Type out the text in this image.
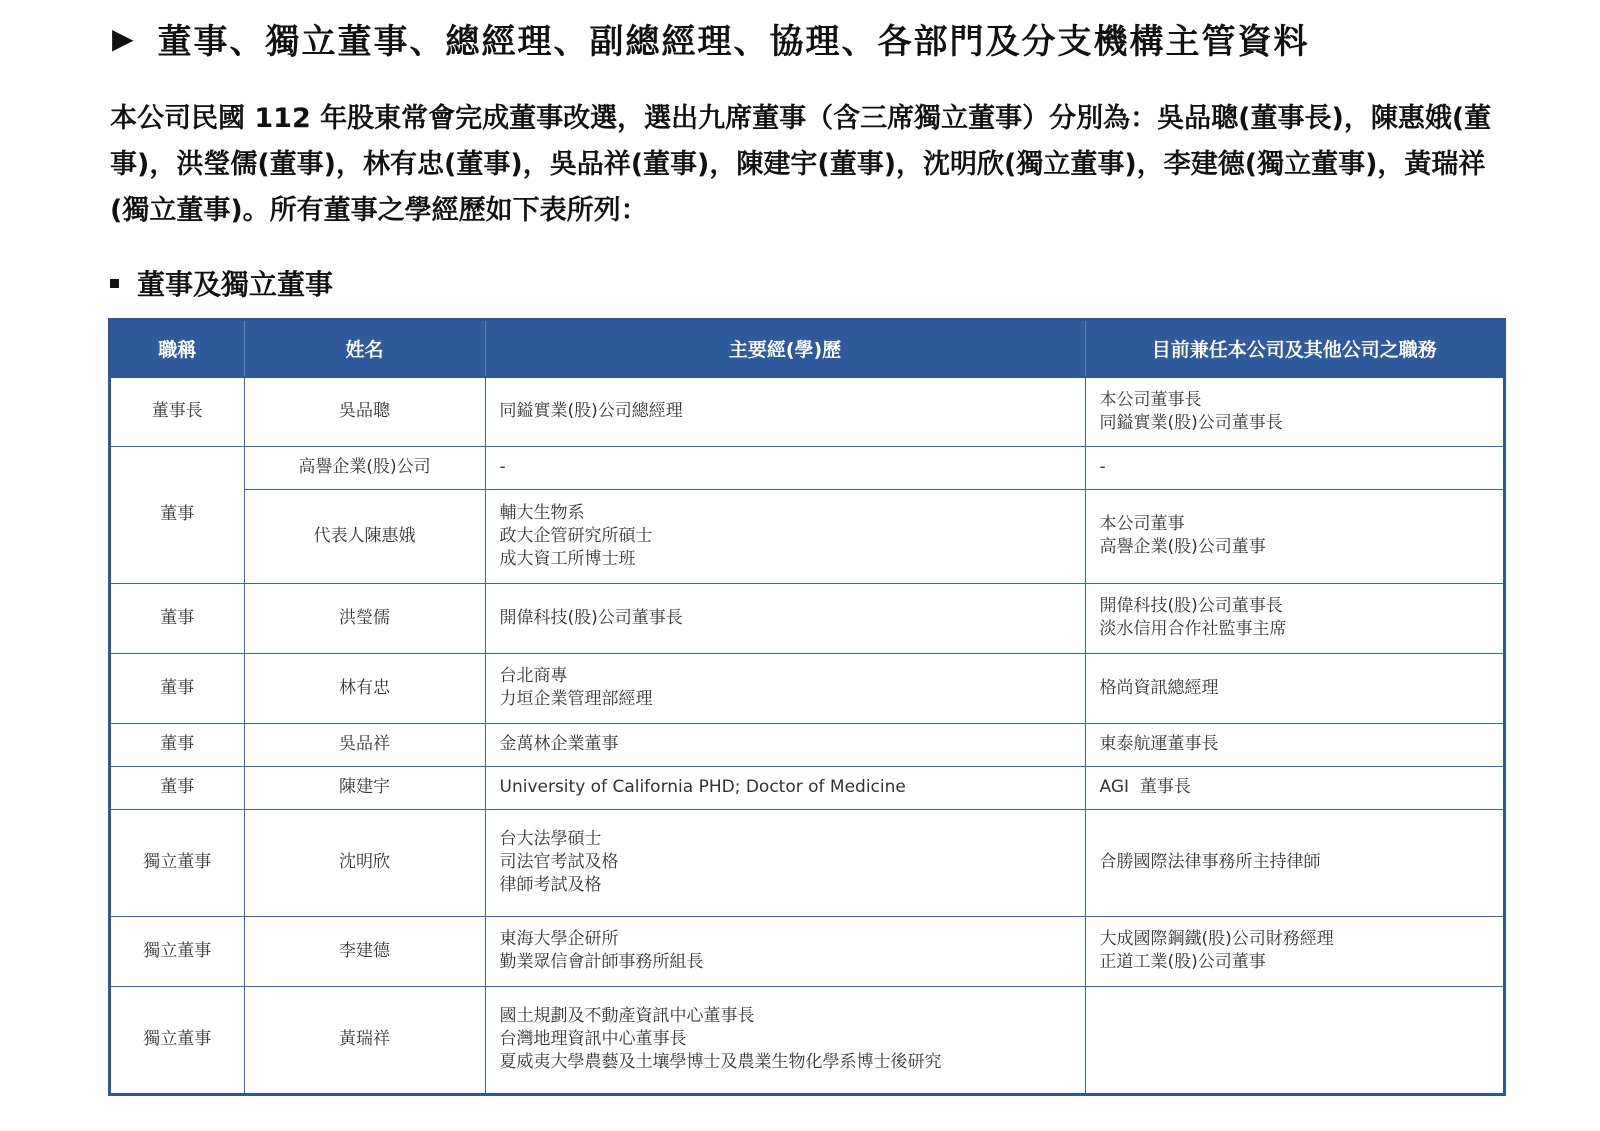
▶ 董事、獨立董事、總經理、副總經理、協理、各部門及分支機構主管資料

本公司民國 112 年股東常會完成董事改選，選出九席董事（含三席獨立董事）分別為：吳品聰(董事長)，陳惠娥(董事)，洪瑩儒(董事)，林有忠(董事)，吳品祥(董事)，陳建宇(董事)，沈明欣(獨立董事)，李建德(獨立董事)，黃瑞祥(獨立董事)。所有董事之學經歷如下表所列：

董事及獨立董事
職稱	姓名	主要經(學)歷	目前兼任本公司及其他公司之職務
董事長	吳品聰	同鎰實業(股)公司總經理	本公司董事長
同鎰實業(股)公司董事長

董事	高譽企業(股)公司	-	-

	代表人陳惠娥	輔大生物系
政大企管研究所碩士
成大資工所博士班	本公司董事
高譽企業(股)公司董事

董事	洪瑩儒	開偉科技(股)公司董事長	開偉科技(股)公司董事長
淡水信用合作社監事主席

董事	林有忠	台北商專
力垣企業管理部經理	格尚資訊總經理

董事	吳品祥	金萬林企業董事	東泰航運董事長

董事	陳建宇	University of California PHD; Doctor of Medicine	AGI  董事長

獨立董事	沈明欣	台大法學碩士
司法官考試及格
律師考試及格	合勝國際法律事務所主持律師

獨立董事	李建德	東海大學企研所
勤業眾信會計師事務所組長	大成國際鋼鐵(股)公司財務經理
正道工業(股)公司董事

獨立董事	黃瑞祥	國土規劃及不動產資訊中心董事長
台灣地理資訊中心董事長
夏威夷大學農藝及土壤學博士及農業生物化學系博士後研究	
